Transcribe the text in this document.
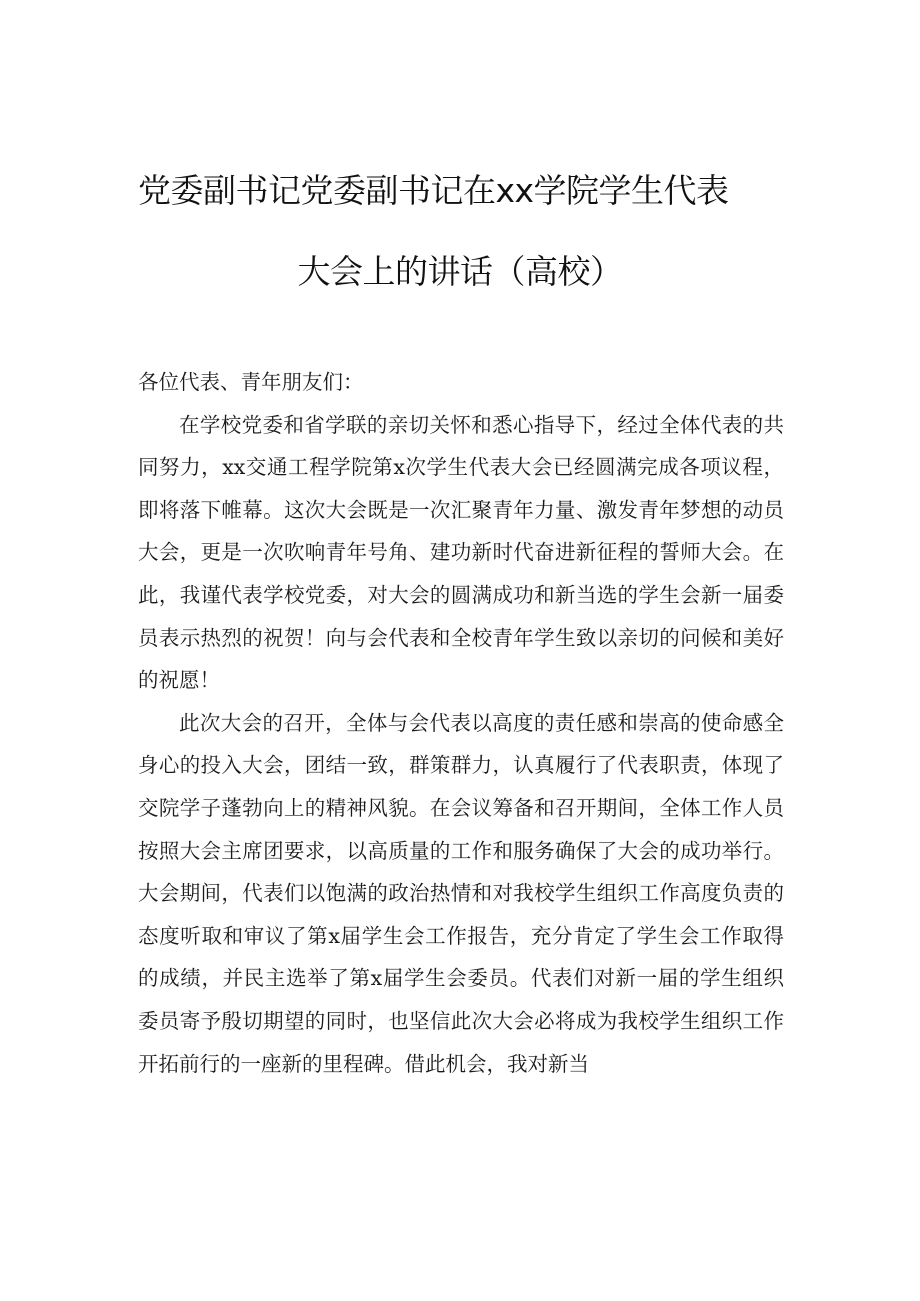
党委副书记党委副书记在xx学院学生代表
大会上的讲话（高校）

各位代表、青年朋友们：

在学校党委和省学联的亲切关怀和悉心指导下，经过全体代表的共同努力，xx交通工程学院第x次学生代表大会已经圆满完成各项议程，即将落下帷幕。这次大会既是一次汇聚青年力量、激发青年梦想的动员大会，更是一次吹响青年号角、建功新时代奋进新征程的誓师大会。在此，我谨代表学校党委，对大会的圆满成功和新当选的学生会新一届委员表示热烈的祝贺！向与会代表和全校青年学生致以亲切的问候和美好的祝愿！

此次大会的召开，全体与会代表以高度的责任感和崇高的使命感全身心的投入大会，团结一致，群策群力，认真履行了代表职责，体现了交院学子蓬勃向上的精神风貌。在会议筹备和召开期间，全体工作人员按照大会主席团要求，以高质量的工作和服务确保了大会的成功举行。大会期间，代表们以饱满的政治热情和对我校学生组织工作高度负责的态度听取和审议了第x届学生会工作报告，充分肯定了学生会工作取得的成绩，并民主选举了第x届学生会委员。代表们对新一届的学生组织委员寄予殷切期望的同时，也坚信此次大会必将成为我校学生组织工作开拓前行的一座新的里程碑。借此机会，我对新当
